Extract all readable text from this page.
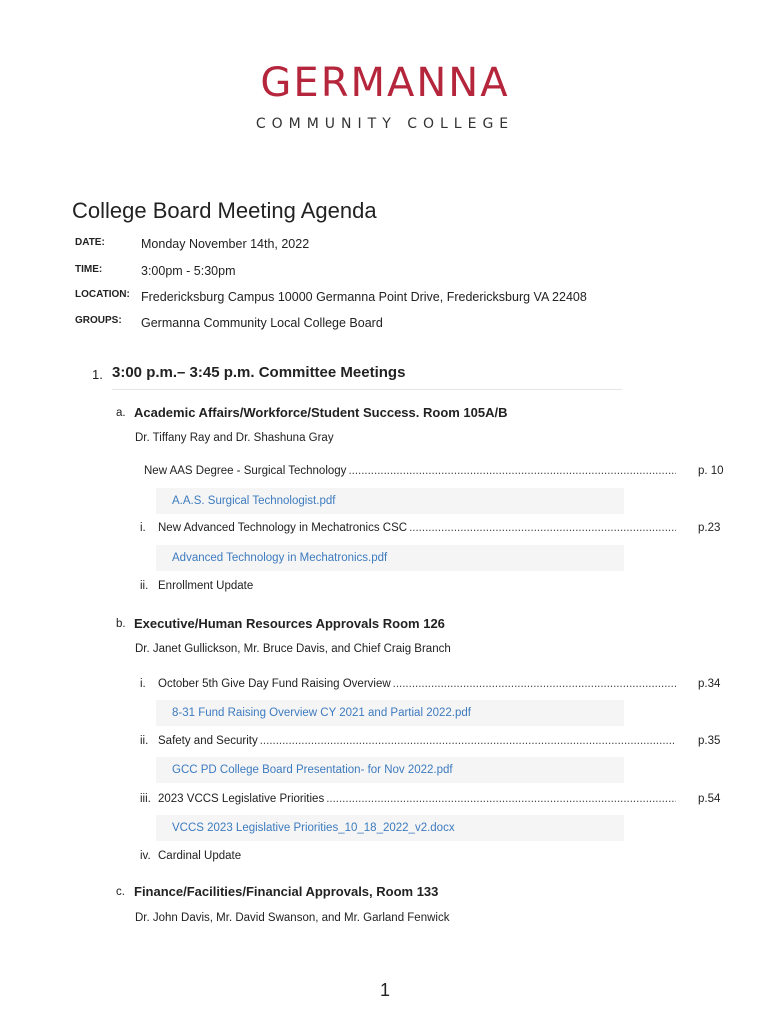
GERMANNA
COMMUNITY COLLEGE
College Board Meeting Agenda
DATE:	Monday November 14th, 2022
TIME:	3:00pm - 5:30pm
LOCATION: Fredericksburg Campus 10000 Germanna Point Drive, Fredericksburg VA 22408
GROUPS: Germanna Community Local College Board
1. 3:00 p.m.– 3:45 p.m. Committee Meetings
a. Academic Affairs/Workforce/Student Success. Room 105A/B
Dr. Tiffany Ray and Dr. Shashuna Gray
New AAS Degree - Surgical Technology .....	p. 10
A.A.S. Surgical Technologist.pdf
i.	New Advanced Technology in Mechatronics CSC .....	p.23
Advanced Technology in Mechatronics.pdf
ii. Enrollment Update
b. Executive/Human Resources Approvals Room 126
Dr. Janet Gullickson, Mr. Bruce Davis, and Chief Craig Branch
i.	October 5th Give Day Fund Raising Overview .....	p.34
8-31 Fund Raising Overview CY 2021 and Partial 2022.pdf
ii. Safety and Security .....	p.35
GCC PD College Board Presentation- for Nov 2022.pdf
iii. 2023 VCCS Legislative Priorities .....	p.54
VCCS 2023 Legislative Priorities_10_18_2022_v2.docx
iv. Cardinal Update
c. Finance/Facilities/Financial Approvals, Room 133
Dr. John Davis, Mr. David Swanson, and Mr. Garland Fenwick
1
